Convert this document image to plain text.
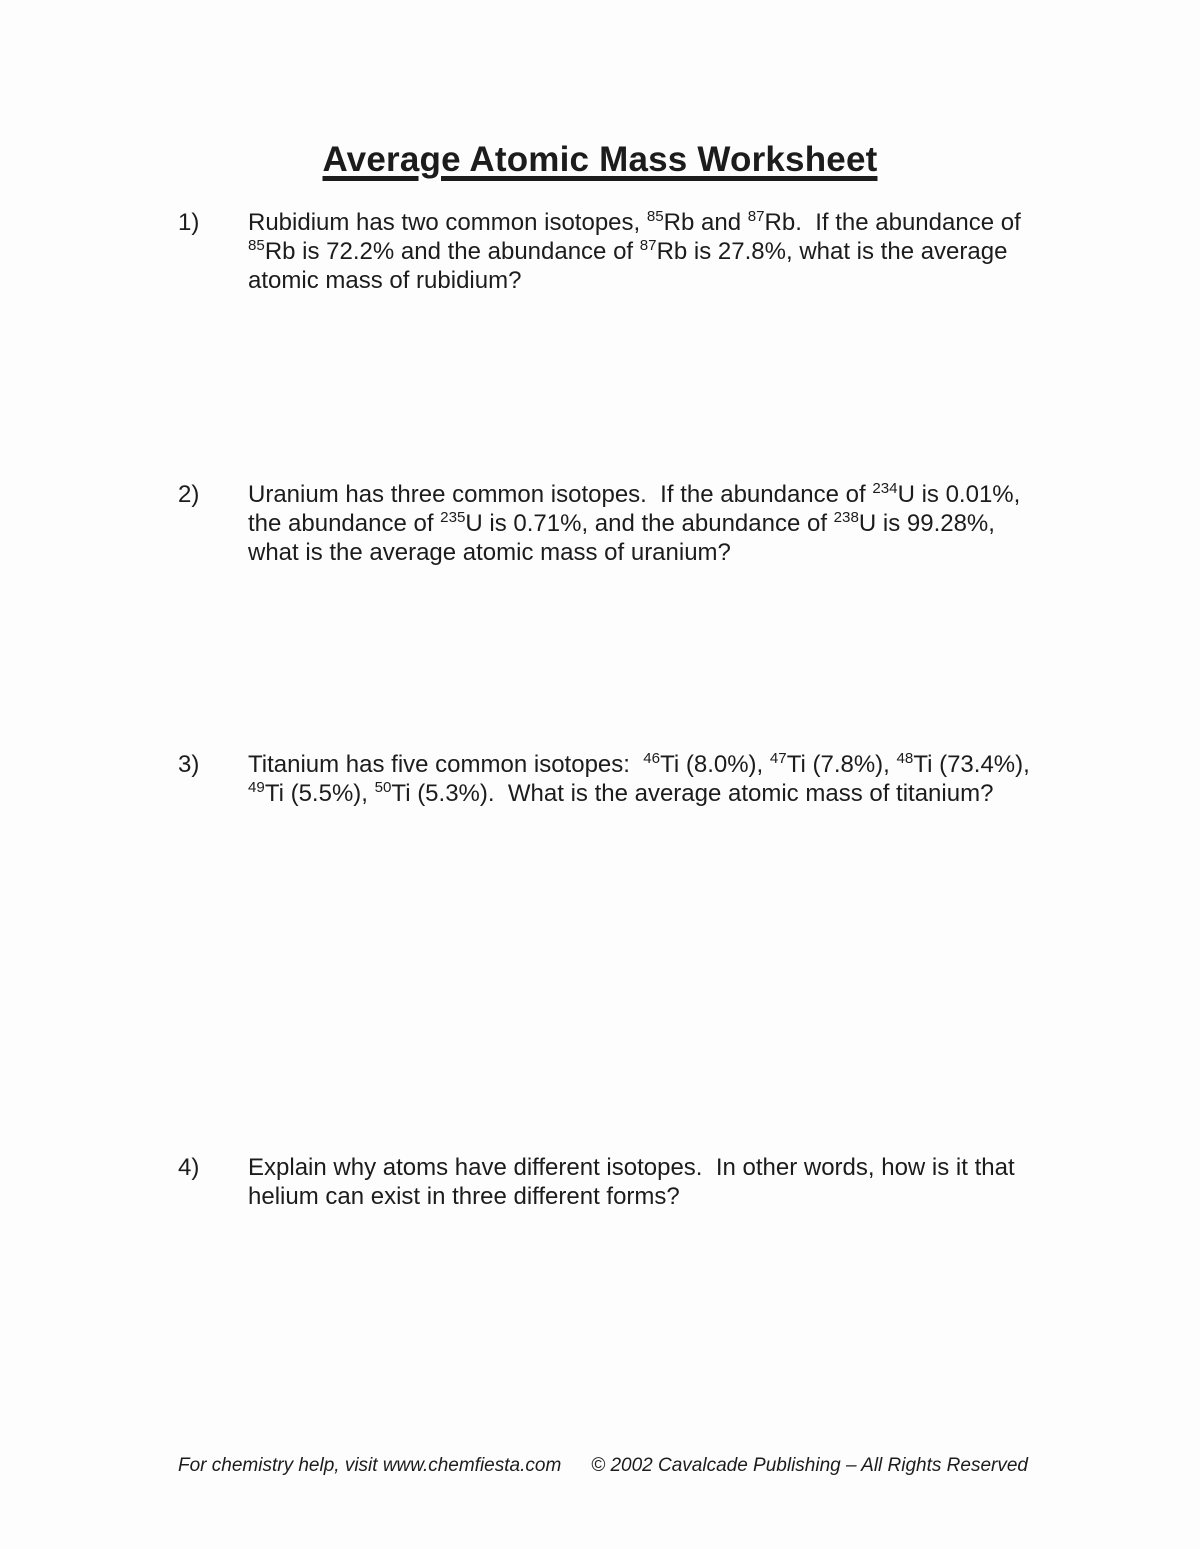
Average Atomic Mass Worksheet
1)	Rubidium has two common isotopes, $^{85}$Rb and $^{87}$Rb.  If the abundance of
$^{85}$Rb is 72.2% and the abundance of $^{87}$Rb is 27.8%, what is the average
atomic mass of rubidium?
2)	Uranium has three common isotopes.  If the abundance of $^{234}$U is 0.01%,
the abundance of $^{235}$U is 0.71%, and the abundance of $^{238}$U is 99.28%,
what is the average atomic mass of uranium?
3)	Titanium has five common isotopes:  $^{46}$Ti (8.0%), $^{47}$Ti (7.8%), $^{48}$Ti (73.4%),
$^{49}$Ti (5.5%), $^{50}$Ti (5.3%).  What is the average atomic mass of titanium?
4)	Explain why atoms have different isotopes.  In other words, how is it that
helium can exist in three different forms?
For chemistry help, visit www.chemfiesta.com © 2002 Cavalcade Publishing – All Rights Reserved
